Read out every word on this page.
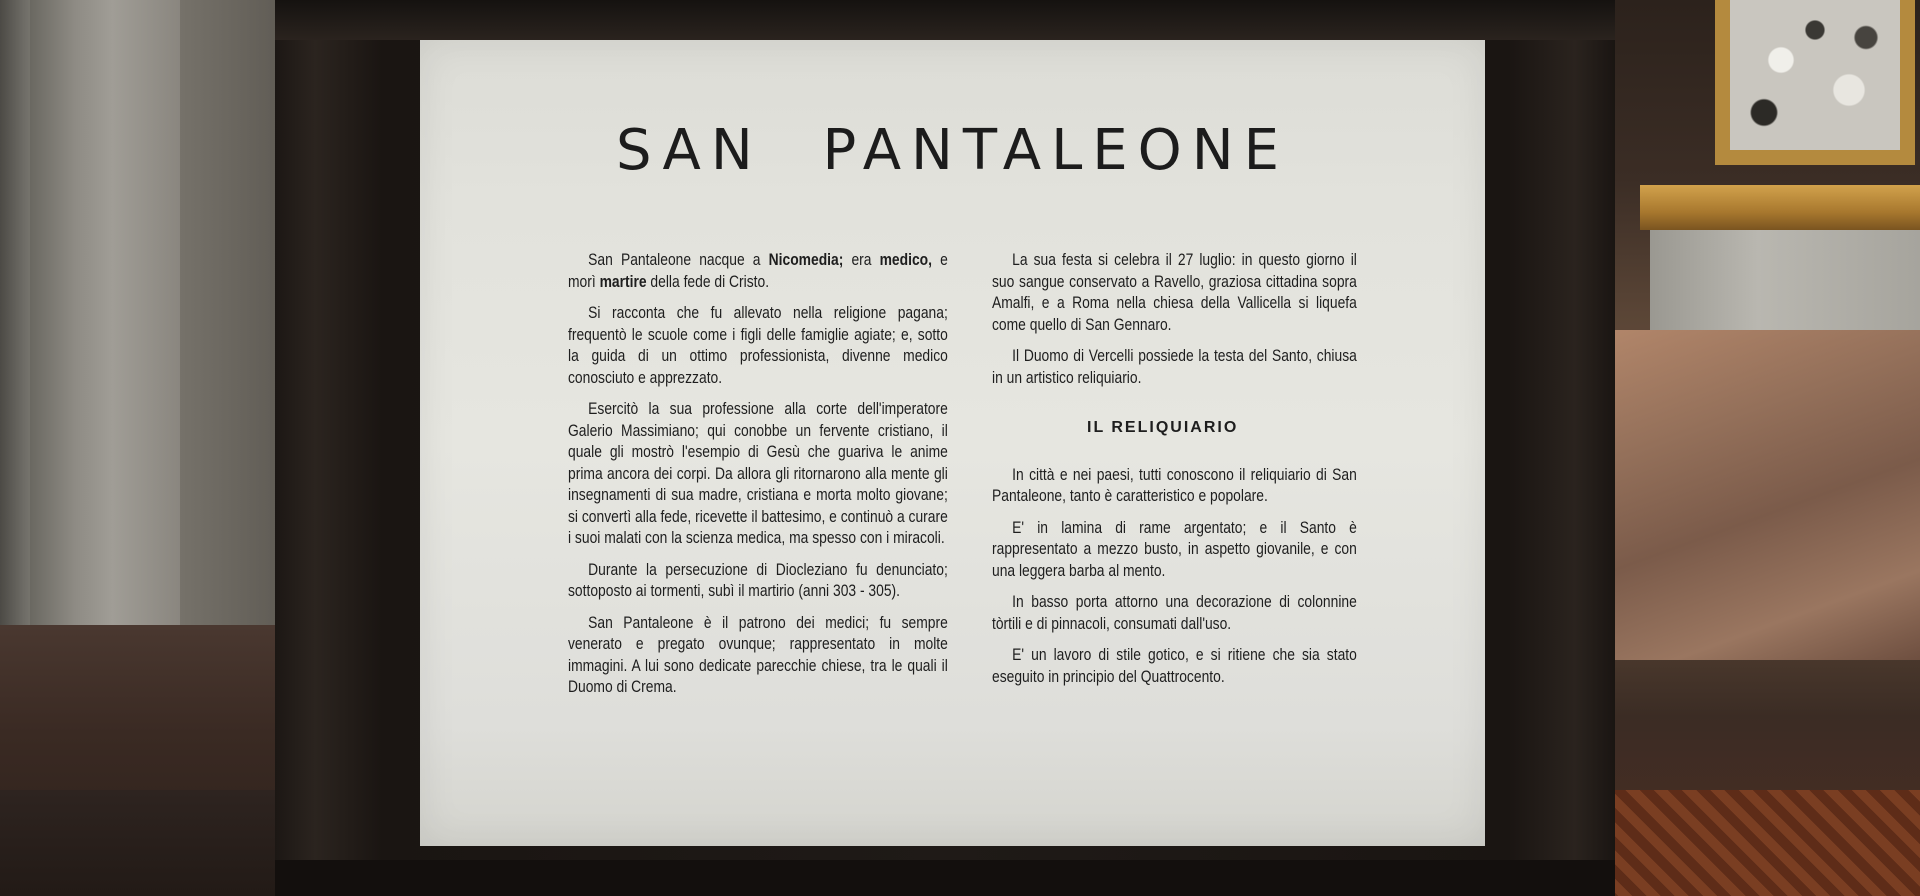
SAN PANTALEONE

San Pantaleone nacque a Nicomedia; era medico, e morì martire della fede di Cristo.

Si racconta che fu allevato nella religione pagana; frequentò le scuole come i figli delle famiglie agiate; e, sotto la guida di un ottimo professionista, divenne medico conosciuto e apprezzato.

Esercitò la sua professione alla corte dell'imperatore Galerio Massimiano; qui conobbe un fervente cristiano, il quale gli mostrò l'esempio di Gesù che guariva le anime prima ancora dei corpi. Da allora gli ritornarono alla mente gli insegnamenti di sua madre, cristiana e morta molto giovane; si convertì alla fede, ricevette il battesimo, e continuò a curare i suoi malati con la scienza medica, ma spesso con i miracoli.

Durante la persecuzione di Diocleziano fu denunciato; sottoposto ai tormenti, subì il martirio (anni 303 - 305).

San Pantaleone è il patrono dei medici; fu sempre venerato e pregato ovunque; rappresentato in molte immagini. A lui sono dedicate parecchie chiese, tra le quali il Duomo di Crema.

La sua festa si celebra il 27 luglio: in questo giorno il suo sangue conservato a Ravello, graziosa cittadina sopra Amalfi, e a Roma nella chiesa della Vallicella si liquefa come quello di San Gennaro.

Il Duomo di Vercelli possiede la testa del Santo, chiusa in un artistico reliquiario.

IL RELIQUIARIO

In città e nei paesi, tutti conoscono il reliquiario di San Pantaleone, tanto è caratteristico e popolare.

E' in lamina di rame argentato; e il Santo è rappresentato a mezzo busto, in aspetto giovanile, e con una leggera barba al mento.

In basso porta attorno una decorazione di colonnine tòrtili e di pinnacoli, consumati dall'uso.

E' un lavoro di stile gotico, e si ritiene che sia stato eseguito in principio del Quattrocento.
